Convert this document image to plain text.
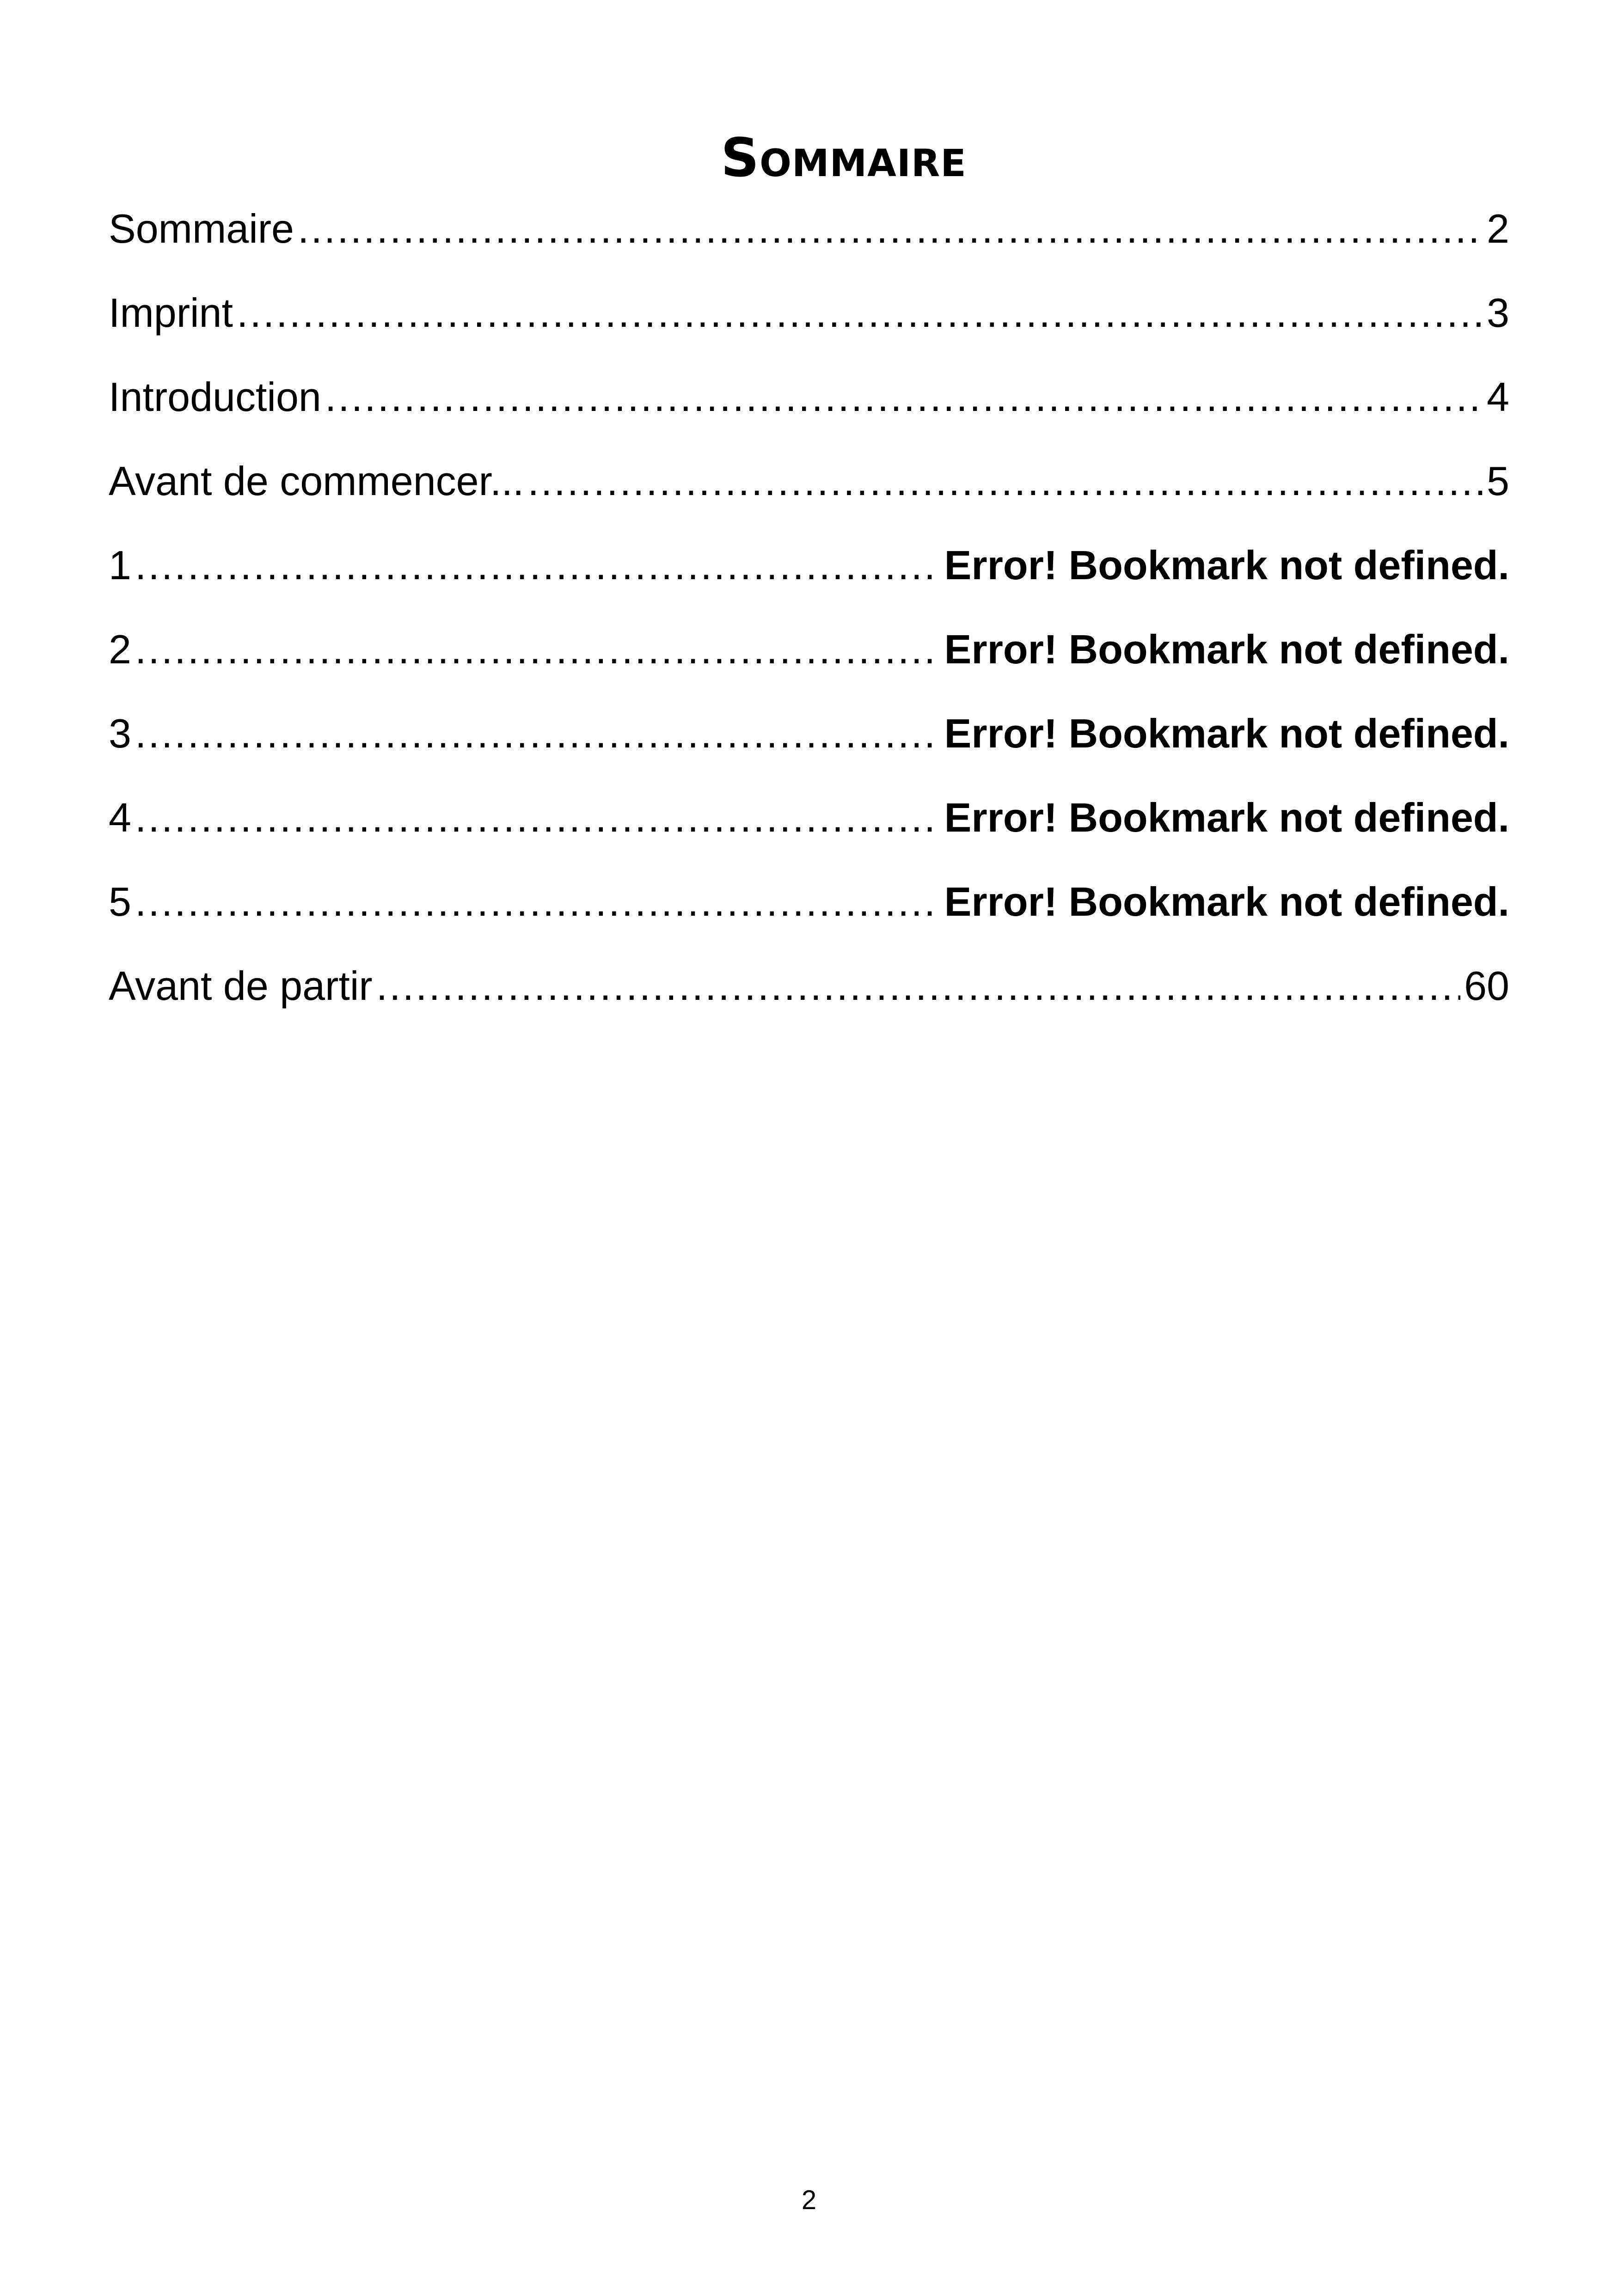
Sommaire
Sommaire .....	2
Imprint .....	3
Introduction .....	4
Avant de commencer... .....	5
1 .....	Error! Bookmark not defined.
2 .....	Error! Bookmark not defined.
3 .....	Error! Bookmark not defined.
4 .....	Error! Bookmark not defined.
5 .....	Error! Bookmark not defined.
Avant de partir .....	60
2
